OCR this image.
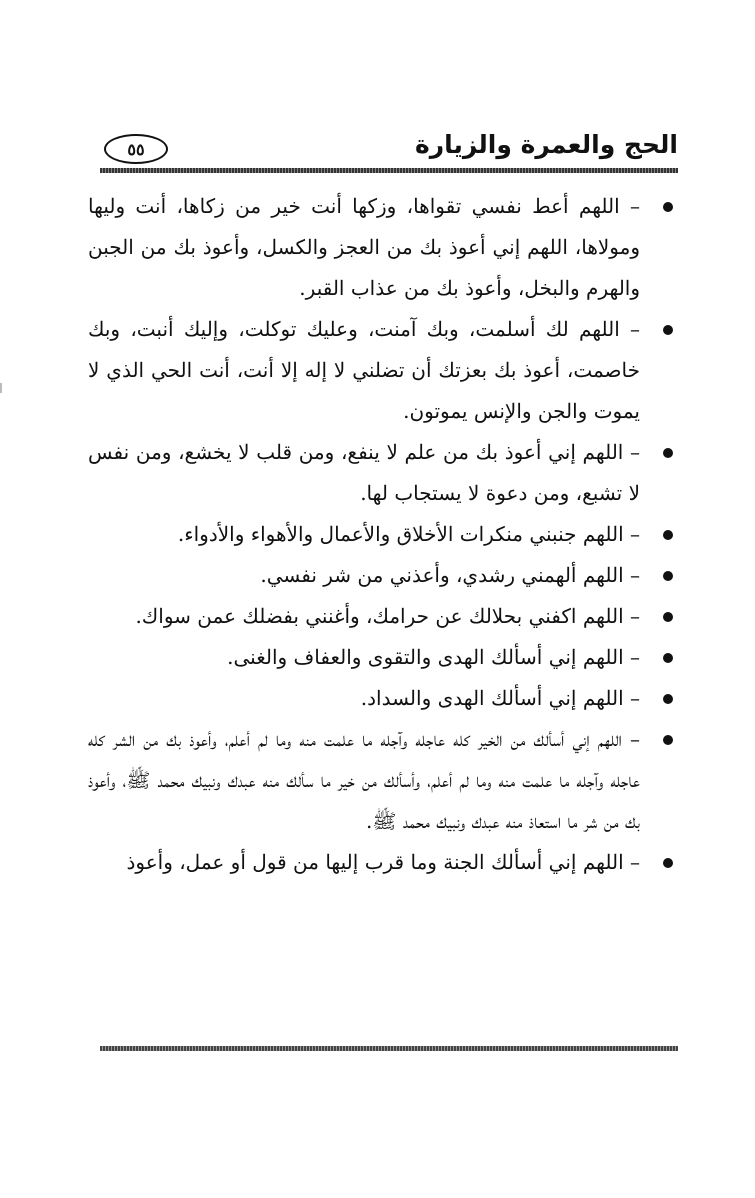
٥٥	الحج والعمرة والزيارة
– اللهم أعط نفسي تقواها، وزكها أنت خير من زكاها، أنت وليها ومولاها، اللهم إني أعوذ بك من العجز والكسل، وأعوذ بك من الجبن والهرم والبخل، وأعوذ بك من عذاب القبر.
– اللهم لك أسلمت، وبك آمنت، وعليك توكلت، وإليك أنبت، وبك خاصمت، أعوذ بك بعزتك أن تضلني لا إله إلا أنت، أنت الحي الذي لا يموت والجن والإنس يموتون.
– اللهم إني أعوذ بك من علم لا ينفع، ومن قلب لا يخشع، ومن نفس لا تشبع، ومن دعوة لا يستجاب لها.
– اللهم جنبني منكرات الأخلاق والأعمال والأهواء والأدواء.
– اللهم ألهمني رشدي، وأعذني من شر نفسي.
– اللهم اكفني بحلالك عن حرامك، وأغنني بفضلك عمن سواك.
– اللهم إني أسألك الهدى والتقوى والعفاف والغنى.
– اللهم إني أسألك الهدى والسداد.
– اللهم إني أسألك من الخير كله عاجله وآجله ما علمت منه وما لم أعلم، وأعوذ بك من الشر كله عاجله وآجله ما علمت منه وما لم أعلم، وأسألك من خير ما سألك منه عبدك ونبيك محمد ﷺ، وأعوذ بك من شر ما استعاذ منه عبدك ونبيك محمد ﷺ.
– اللهم إني أسألك الجنة وما قرب إليها من قول أو عمل، وأعوذ
